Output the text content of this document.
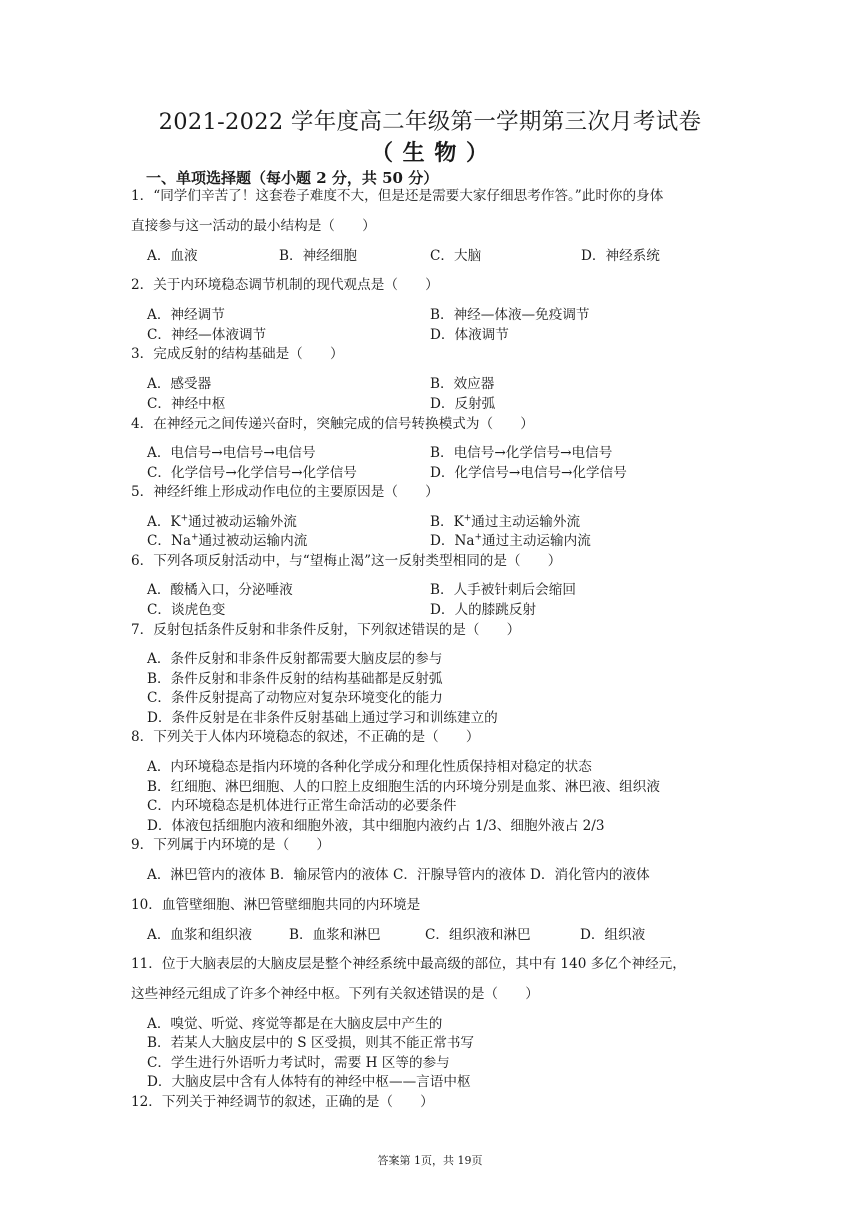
2021-2022 学年度高二年级第一学期第三次月考试卷
（ 生 物 ）
一、单项选择题（每小题 2 分，共 50 分）
1．“同学们辛苦了！这套卷子难度不大，但是还是需要大家仔细思考作答。”此时你的身体
直接参与这一活动的最小结构是（　　）
A．血液	B．神经细胞	C．大脑	D．神经系统
2．关于内环境稳态调节机制的现代观点是（　　）
A．神经调节	B．神经—体液—免疫调节
C．神经—体液调节	D．体液调节
3．完成反射的结构基础是（　　）
A．感受器	B．效应器
C．神经中枢	D．反射弧
4．在神经元之间传递兴奋时，突触完成的信号转换模式为（　　）
A．电信号→电信号→电信号	B．电信号→化学信号→电信号
C．化学信号→化学信号→化学信号	D．化学信号→电信号→化学信号
5．神经纤维上形成动作电位的主要原因是（　　）
A．K+通过被动运输外流	B．K+通过主动运输外流
C．Na+通过被动运输内流	D．Na+通过主动运输内流
6．下列各项反射活动中，与“望梅止渴”这一反射类型相同的是（　　）
A．酸橘入口，分泌唾液	B．人手被针刺后会缩回
C．谈虎色变	D．人的膝跳反射
7．反射包括条件反射和非条件反射，下列叙述错误的是（　　）
A．条件反射和非条件反射都需要大脑皮层的参与
B．条件反射和非条件反射的结构基础都是反射弧
C．条件反射提高了动物应对复杂环境变化的能力
D．条件反射是在非条件反射基础上通过学习和训练建立的
8．下列关于人体内环境稳态的叙述，不正确的是（　　）
A．内环境稳态是指内环境的各种化学成分和理化性质保持相对稳定的状态
B．红细胞、淋巴细胞、人的口腔上皮细胞生活的内环境分别是血浆、淋巴液、组织液
C．内环境稳态是机体进行正常生命活动的必要条件
D．体液包括细胞内液和细胞外液，其中细胞内液约占 1/3、细胞外液占 2/3
9．下列属于内环境的是（　　）
A．淋巴管内的液体 B．输尿管内的液体 C．汗腺导管内的液体 D．消化管内的液体
10．血管壁细胞、淋巴管壁细胞共同的内环境是
A．血浆和组织液	B．血浆和淋巴	C．组织液和淋巴	D．组织液
11．位于大脑表层的大脑皮层是整个神经系统中最高级的部位，其中有 140 多亿个神经元，
这些神经元组成了许多个神经中枢。下列有关叙述错误的是（　　）
A．嗅觉、听觉、疼觉等都是在大脑皮层中产生的
B．若某人大脑皮层中的 S 区受损，则其不能正常书写
C．学生进行外语听力考试时，需要 H 区等的参与
D．大脑皮层中含有人体特有的神经中枢——言语中枢
12．下列关于神经调节的叙述，正确的是（　　）
答案第 1页，共 19页
